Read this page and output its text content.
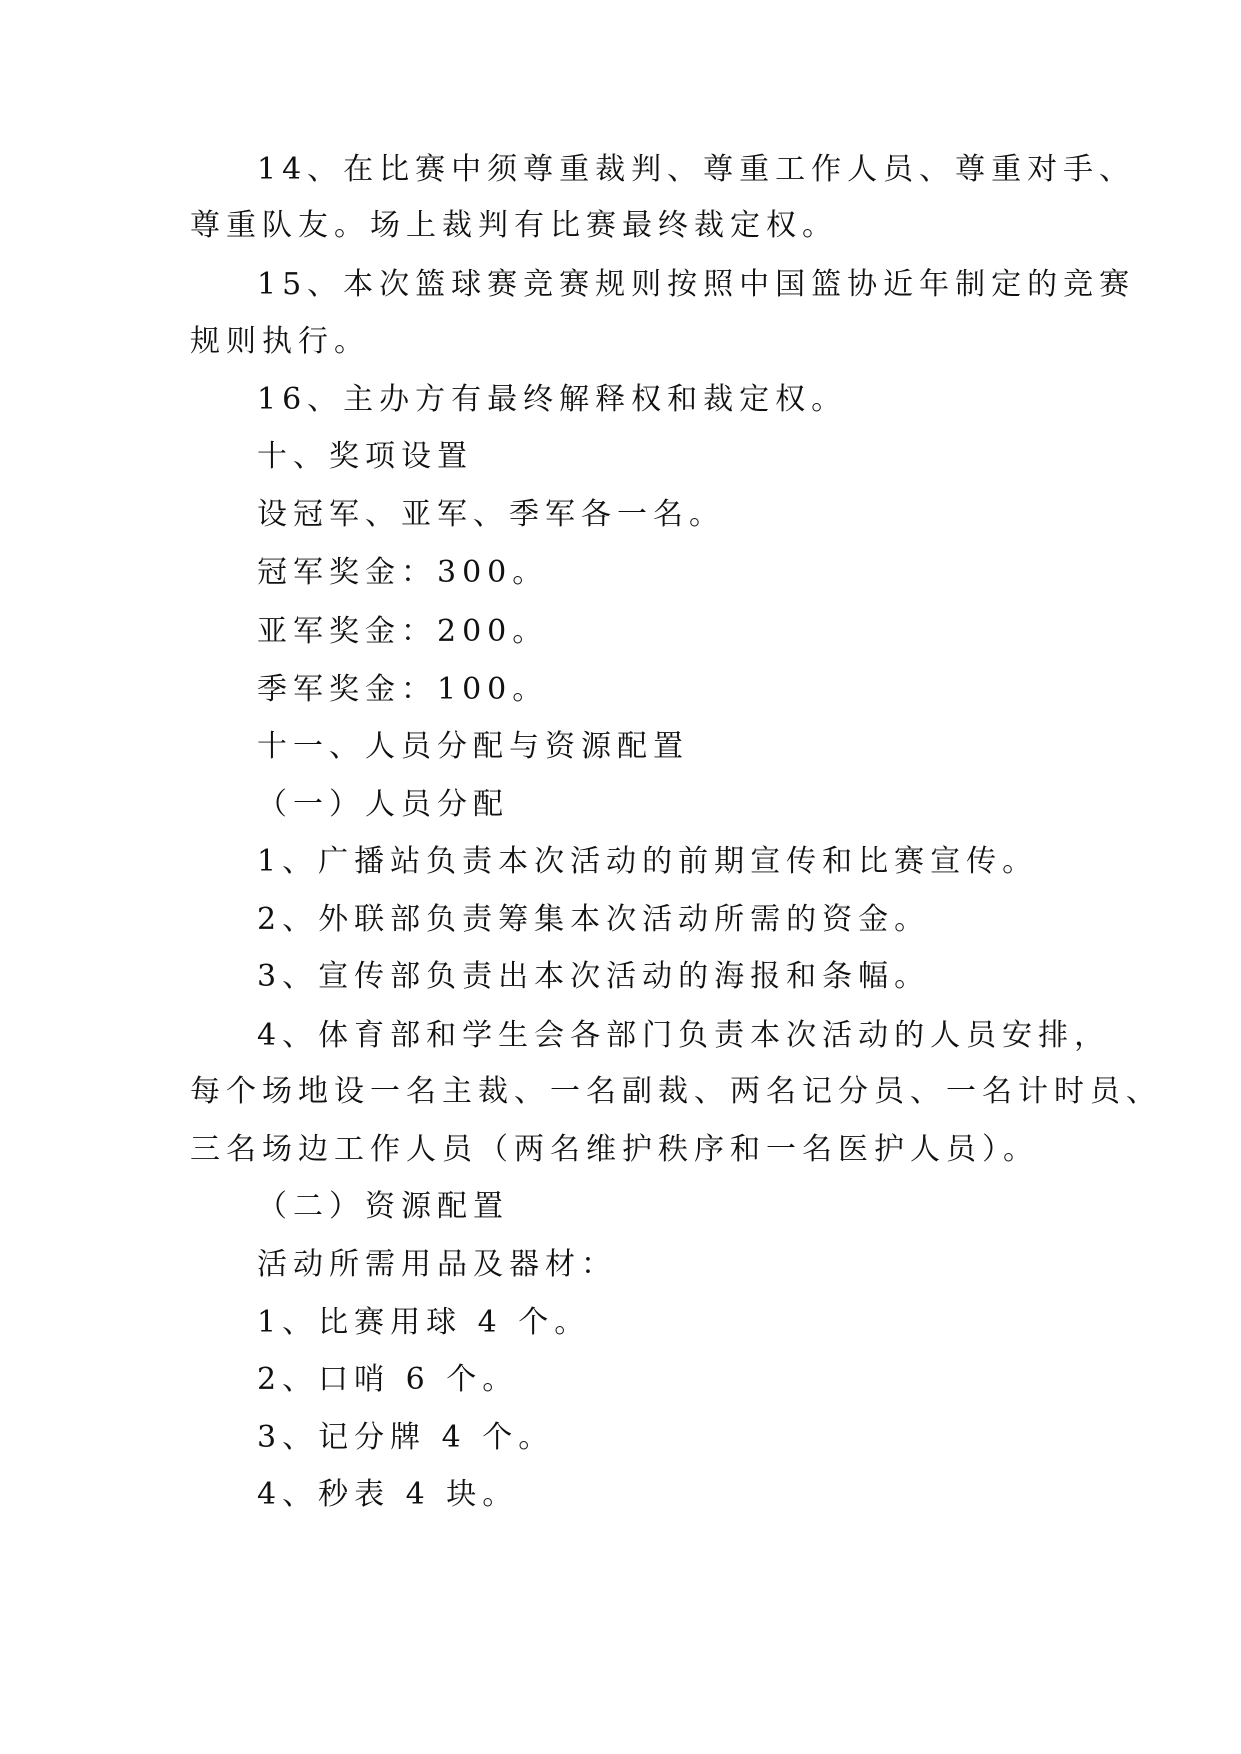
14、在比赛中须尊重裁判、尊重工作人员、尊重对手、
尊重队友。场上裁判有比赛最终裁定权。
15、本次篮球赛竞赛规则按照中国篮协近年制定的竞赛
规则执行。
16、主办方有最终解释权和裁定权。
十、奖项设置
设冠军、亚军、季军各一名。
冠军奖金：300。
亚军奖金：200。
季军奖金：100。
十一、人员分配与资源配置
（一）人员分配
1、广播站负责本次活动的前期宣传和比赛宣传。
2、外联部负责筹集本次活动所需的资金。
3、宣传部负责出本次活动的海报和条幅。
4、体育部和学生会各部门负责本次活动的人员安排，
每个场地设一名主裁、一名副裁、两名记分员、一名计时员、
三名场边工作人员（两名维护秩序和一名医护人员）。
（二）资源配置
活动所需用品及器材：
1、比赛用球 4 个。
2、口哨 6 个。
3、记分牌 4 个。
4、秒表 4 块。
